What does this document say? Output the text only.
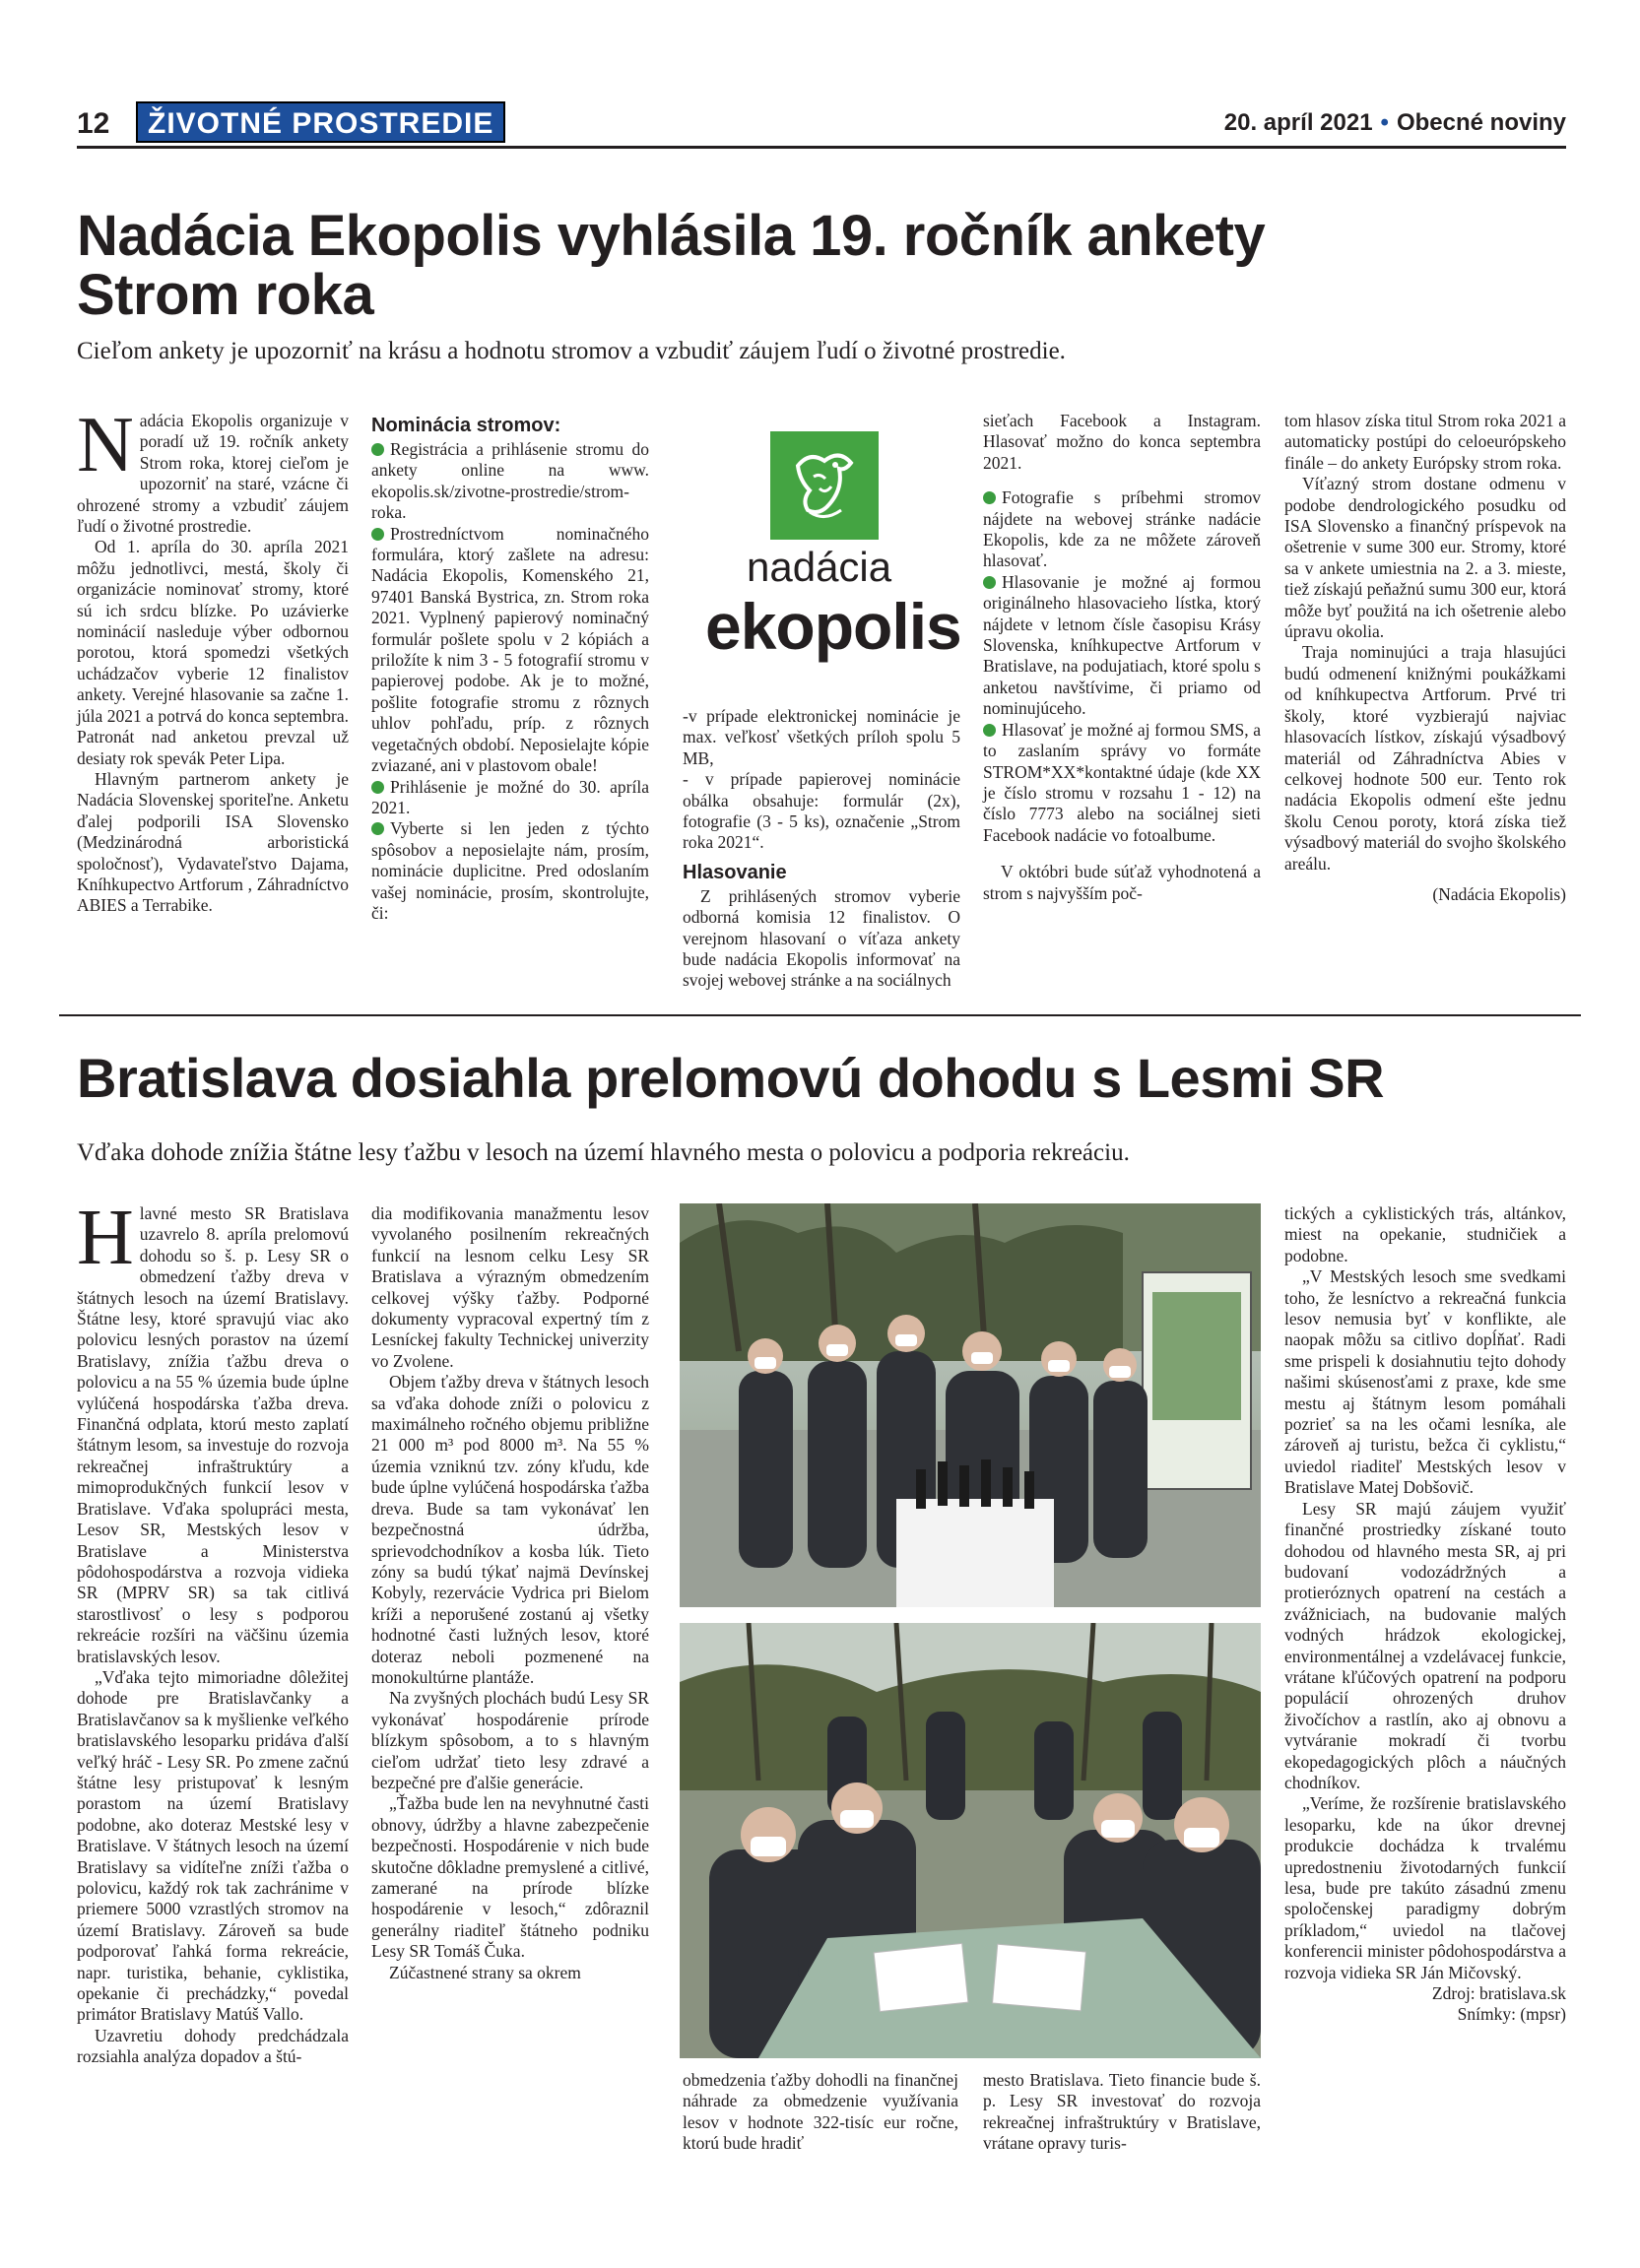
12	ŽIVOTNÉ PROSTREDIE	20. apríl 2021 • Obecné noviny
Nadácia Ekopolis vyhlásila 19. ročník ankety
Strom roka
Cieľom ankety je upozorniť na krásu a hodnotu stromov a vzbudiť záujem ľudí o životné prostredie.

Nadácia Ekopolis organizuje v poradí už 19. ročník ankety Strom roka, ktorej cieľom je upozorniť na staré, vzácne či ohrozené stromy a vzbudiť záujem ľudí o životné prostredie.

Od 1. apríla do 30. apríla 2021 môžu jednotlivci, mestá, školy či organizácie nominovať stromy, ktoré sú ich srdcu blízke. Po uzávierke nominácií nasleduje výber odbornou porotou, ktorá spomedzi všetkých uchádzačov vyberie 12 finalistov ankety. Verejné hlasovanie sa začne 1. júla 2021 a potrvá do konca septembra. Patronát nad anketou prevzal už desiaty rok spevák Peter Lipa.

Hlavným partnerom ankety je Nadácia Slovenskej sporiteľne. Anketu ďalej podporili ISA Slovensko (Medzinárodná arboristická spoločnosť), Vydavateľstvo Dajama, Kníhkupectvo Artforum , Záhradníctvo ABIES a Terrabike.

Nominácia stromov:

Registrácia a prihlásenie stromu do ankety online na www. ekopolis.sk/zivotne-prostredie/strom-roka.

Prostredníctvom nominačného formulára, ktorý zašlete na adresu: Nadácia Ekopolis, Komenského 21, 97401 Banská Bystrica, zn. Strom roka 2021. Vyplnený papierový nominačný formulár pošlete spolu v 2 kópiách a priložíte k nim 3 - 5 fotografií stromu v papierovej podobe. Ak je to možné, pošlite fotografie stromu z rôznych uhlov pohľadu, príp. z rôznych vegetačných období. Neposielajte kópie zviazané, ani v plastovom obale!

Prihlásenie je možné do 30. apríla 2021.

Vyberte si len jeden z týchto spôsobov a neposielajte nám, prosím, nominácie duplicitne. Pred odoslaním vašej nominácie, prosím, skontrolujte, či:

nadácia
ekopolis

-v prípade elektronickej nominácie je max. veľkosť všetkých príloh spolu 5 MB,

- v prípade papierovej nominácie obálka obsahuje: formulár (2x), fotografie (3 - 5 ks), označenie „Strom roka 2021“.

Hlasovanie

Z prihlásených stromov vyberie odborná komisia 12 finalistov. O verejnom hlasovaní o víťaza ankety bude nadácia Ekopolis informovať na svojej webovej stránke a na sociálnych

sieťach Facebook a Instagram. Hlasovať možno do konca septembra 2021.

Fotografie s príbehmi stromov nájdete na webovej stránke nadácie Ekopolis, kde za ne môžete zároveň hlasovať.

Hlasovanie je možné aj formou originálneho hlasovacieho lístka, ktorý nájdete v letnom čísle časopisu Krásy Slovenska, kníhkupectve Artforum v Bratislave, na podujatiach, ktoré spolu s anketou navštívime, či priamo od nominujúceho.

Hlasovať je možné aj formou SMS, a to zaslaním správy vo formáte STROM*XX*kontaktné údaje (kde XX je číslo stromu v rozsahu 1 - 12) na číslo 7773 alebo na sociálnej sieti Facebook nadácie vo fotoalbume.

V októbri bude súťaž vyhodnotená a strom s najvyšším poč-

tom hlasov získa titul Strom roka 2021 a automaticky postúpi do celoeurópskeho finále – do ankety Európsky strom roka.

Víťazný strom dostane odmenu v podobe dendrologického posudku od ISA Slovensko a finančný príspevok na ošetrenie v sume 300 eur. Stromy, ktoré sa v ankete umiestnia na 2. a 3. mieste, tiež získajú peňažnú sumu 300 eur, ktorá môže byť použitá na ich ošetrenie alebo úpravu okolia.

Traja nominujúci a traja hlasujúci budú odmenení knižnými poukážkami od kníhkupectva Artforum. Prvé tri školy, ktoré vyzbierajú najviac hlasovacích lístkov, získajú výsadbový materiál od Záhradníctva Abies v celkovej hodnote 500 eur. Tento rok nadácia Ekopolis odmení ešte jednu školu Cenou poroty, ktorá získa tiež výsadbový materiál do svojho školského areálu.

(Nadácia Ekopolis)

Bratislava dosiahla prelomovú dohodu s Lesmi SR
Vďaka dohode znížia štátne lesy ťažbu v lesoch na území hlavného mesta o polovicu a podporia rekreáciu.

Hlavné mesto SR Bratislava uzavrelo 8. apríla prelomovú dohodu so š. p. Lesy SR o obmedzení ťažby dreva v štátnych lesoch na území Bratislavy. Štátne lesy, ktoré spravujú viac ako polovicu lesných porastov na území Bratislavy, znížia ťažbu dreva o polovicu a na 55 % územia bude úplne vylúčená hospodárska ťažba dreva. Finančná odplata, ktorú mesto zaplatí štátnym lesom, sa investuje do rozvoja rekreačnej infraštruktúry a mimoprodukčných funkcií lesov v Bratislave. Vďaka spolupráci mesta, Lesov SR, Mestských lesov v Bratislave a Ministerstva pôdohospodárstva a rozvoja vidieka SR (MPRV SR) sa tak citlivá starostlivosť o lesy s podporou rekreácie rozšíri na väčšinu územia bratislavských lesov.

„Vďaka tejto mimoriadne dôležitej dohode pre Bratislavčanky a Bratislavčanov sa k myšlienke veľkého bratislavského lesoparku pridáva ďalší veľký hráč - Lesy SR. Po zmene začnú štátne lesy pristupovať k lesným porastom na území Bratislavy podobne, ako doteraz Mestské lesy v Bratislave. V štátnych lesoch na území Bratislavy sa vidíteľne zníži ťažba o polovicu, každý rok tak zachránime v priemere 5000 vzrastlých stromov na území Bratislavy. Zároveň sa bude podporovať ľahká forma rekreácie, napr. turistika, behanie, cyklistika, opekanie či prechádzky,“ povedal primátor Bratislavy Matúš Vallo.

Uzavretiu dohody predchádzala rozsiahla analýza dopadov a štú-

dia modifikovania manažmentu lesov vyvolaného posilnením rekreačných funkcií na lesnom celku Lesy SR Bratislava a výrazným obmedzením celkovej výšky ťažby. Podporné dokumenty vypracoval expertný tím z Lesníckej fakulty Technickej univerzity vo Zvolene.

Objem ťažby dreva v štátnych lesoch sa vďaka dohode zníži o polovicu z maximálneho ročného objemu približne 21 000 m³ pod 8000 m³. Na 55 % územia vzniknú tzv. zóny kľudu, kde bude úplne vylúčená hospodárska ťažba dreva. Bude sa tam vykonávať len bezpečnostná údržba, sprievodchodníkov a kosba lúk. Tieto zóny sa budú týkať najmä Devínskej Kobyly, rezervácie Vydrica pri Bielom kríži a neporušené zostanú aj všetky hodnotné časti lužných lesov, ktoré doteraz neboli pozmenené na monokultúrne plantáže.

Na zvyšných plochách budú Lesy SR vykonávať hospodárenie prírode blízkym spôsobom, a to s hlavným cieľom udržať tieto lesy zdravé a bezpečné pre ďalšie generácie.

„Ťažba bude len na nevyhnutné časti obnovy, údržby a hlavne zabezpečenie bezpečnosti. Hospodárenie v nich bude skutočne dôkladne premyslené a citlivé, zamerané na prírode blízke hospodárenie v lesoch,“ zdôraznil generálny riaditeľ štátneho podniku Lesy SR Tomáš Čuka.

Zúčastnené strany sa okrem

obmedzenia ťažby dohodli na finančnej náhrade za obmedzenie využívania lesov v hodnote 322-tisíc eur ročne, ktorú bude hradiť

mesto Bratislava. Tieto financie bude š. p. Lesy SR investovať do rozvoja rekreačnej infraštruktúry v Bratislave, vrátane opravy turis-

tických a cyklistických trás, altánkov, miest na opekanie, studničiek a podobne.

„V Mestských lesoch sme svedkami toho, že lesníctvo a rekreačná funkcia lesov nemusia byť v konflikte, ale naopak môžu sa citlivo dopĺňať. Radi sme prispeli k dosiahnutiu tejto dohody našimi skúsenosťami z praxe, kde sme mestu aj štátnym lesom pomáhali pozrieť sa na les očami lesníka, ale zároveň aj turistu, bežca či cyklistu,“ uviedol riaditeľ Mestských lesov v Bratislave Matej Dobšovič.

Lesy SR majú záujem využiť finančné prostriedky získané touto dohodou od hlavného mesta SR, aj pri budovaní vodozádržných a protieróznych opatrení na cestách a zvážniciach, na budovanie malých vodných hrádzok ekologickej, environmentálnej a vzdelávacej funkcie, vrátane kľúčových opatrení na podporu populácií ohrozených druhov živočíchov a rastlín, ako aj obnovu a vytváranie mokradí či tvorbu ekopedagogických plôch a náučných chodníkov.

„Veríme, že rozšírenie bratislavského lesoparku, kde na úkor drevnej produkcie dochádza k trvalému upredostneniu životodarných funkcií lesa, bude pre takúto zásadnú zmenu spoločenskej paradigmy dobrým príkladom,“ uviedol na tlačovej konferencii minister pôdohospodárstva a rozvoja vidieka SR Ján Mičovský.

Zdroj: bratislava.sk

Snímky: (mpsr)
